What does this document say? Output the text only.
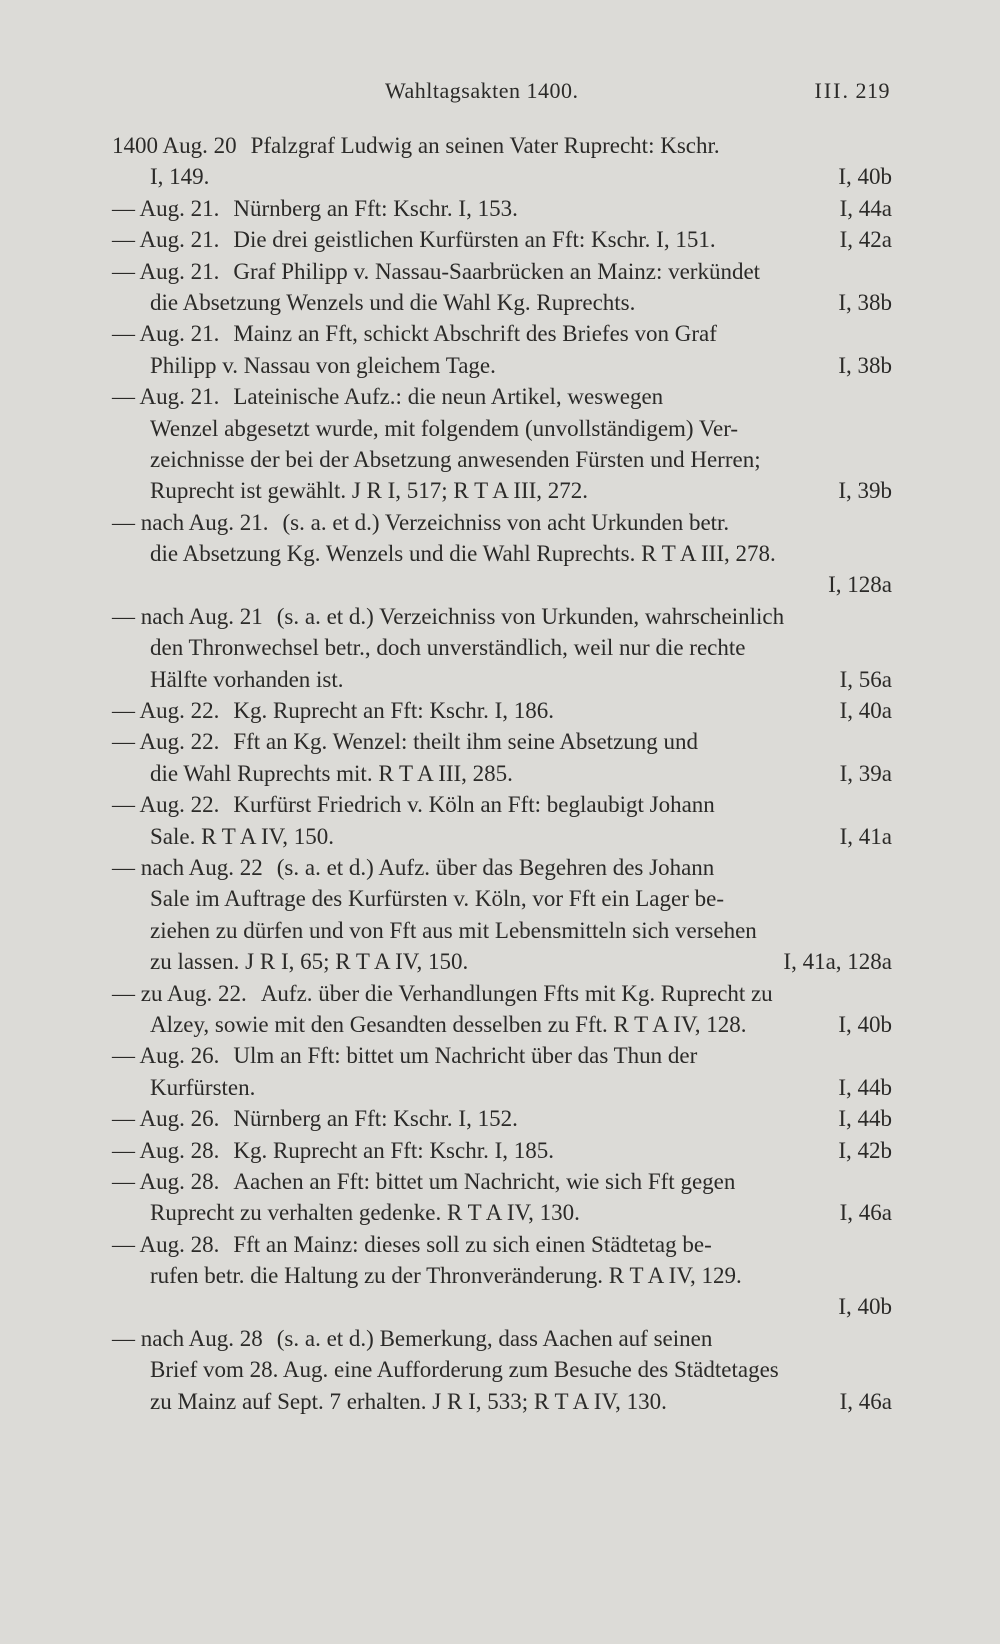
Wahltagsakten 1400.	III. 219
1400 Aug. 20 Pfalzgraf Ludwig an seinen Vater Ruprecht: Kschr.
I, 149.	I, 40b
— Aug. 21. Nürnberg an Fft: Kschr. I, 153.	I, 44a
— Aug. 21. Die drei geistlichen Kurfürsten an Fft: Kschr. I, 151.	I, 42a
— Aug. 21. Graf Philipp v. Nassau-Saarbrücken an Mainz: verkündet
die Absetzung Wenzels und die Wahl Kg. Ruprechts.	I, 38b
— Aug. 21. Mainz an Fft, schickt Abschrift des Briefes von Graf
Philipp v. Nassau von gleichem Tage.	I, 38b
— Aug. 21. Lateinische Aufz.: die neun Artikel, weswegen
Wenzel abgesetzt wurde, mit folgendem (unvollständigem) Ver-
zeichnisse der bei der Absetzung anwesenden Fürsten und Herren;
Ruprecht ist gewählt. J R I, 517; R T A III, 272.	I, 39b
— nach Aug. 21. (s. a. et d.) Verzeichniss von acht Urkunden betr.
die Absetzung Kg. Wenzels und die Wahl Ruprechts. R T A III, 278.
I, 128a
— nach Aug. 21 (s. a. et d.) Verzeichniss von Urkunden, wahrscheinlich
den Thronwechsel betr., doch unverständlich, weil nur die rechte
Hälfte vorhanden ist.	I, 56a
— Aug. 22. Kg. Ruprecht an Fft: Kschr. I, 186.	I, 40a
— Aug. 22. Fft an Kg. Wenzel: theilt ihm seine Absetzung und
die Wahl Ruprechts mit. R T A III, 285.	I, 39a
— Aug. 22. Kurfürst Friedrich v. Köln an Fft: beglaubigt Johann
Sale. R T A IV, 150.	I, 41a
— nach Aug. 22 (s. a. et d.) Aufz. über das Begehren des Johann
Sale im Auftrage des Kurfürsten v. Köln, vor Fft ein Lager be-
ziehen zu dürfen und von Fft aus mit Lebensmitteln sich versehen
zu lassen. J R I, 65; R T A IV, 150.	I, 41a, 128a
— zu Aug. 22. Aufz. über die Verhandlungen Ffts mit Kg. Ruprecht zu
Alzey, sowie mit den Gesandten desselben zu Fft. R T A IV, 128.	I, 40b
— Aug. 26. Ulm an Fft: bittet um Nachricht über das Thun der
Kurfürsten.	I, 44b
— Aug. 26. Nürnberg an Fft: Kschr. I, 152.	I, 44b
— Aug. 28. Kg. Ruprecht an Fft: Kschr. I, 185.	I, 42b
— Aug. 28. Aachen an Fft: bittet um Nachricht, wie sich Fft gegen
Ruprecht zu verhalten gedenke. R T A IV, 130.	I, 46a
— Aug. 28. Fft an Mainz: dieses soll zu sich einen Städtetag be-
rufen betr. die Haltung zu der Thronveränderung. R T A IV, 129.
I, 40b
— nach Aug. 28 (s. a. et d.) Bemerkung, dass Aachen auf seinen
Brief vom 28. Aug. eine Aufforderung zum Besuche des Städtetages
zu Mainz auf Sept. 7 erhalten. J R I, 533; R T A IV, 130.	I, 46a
